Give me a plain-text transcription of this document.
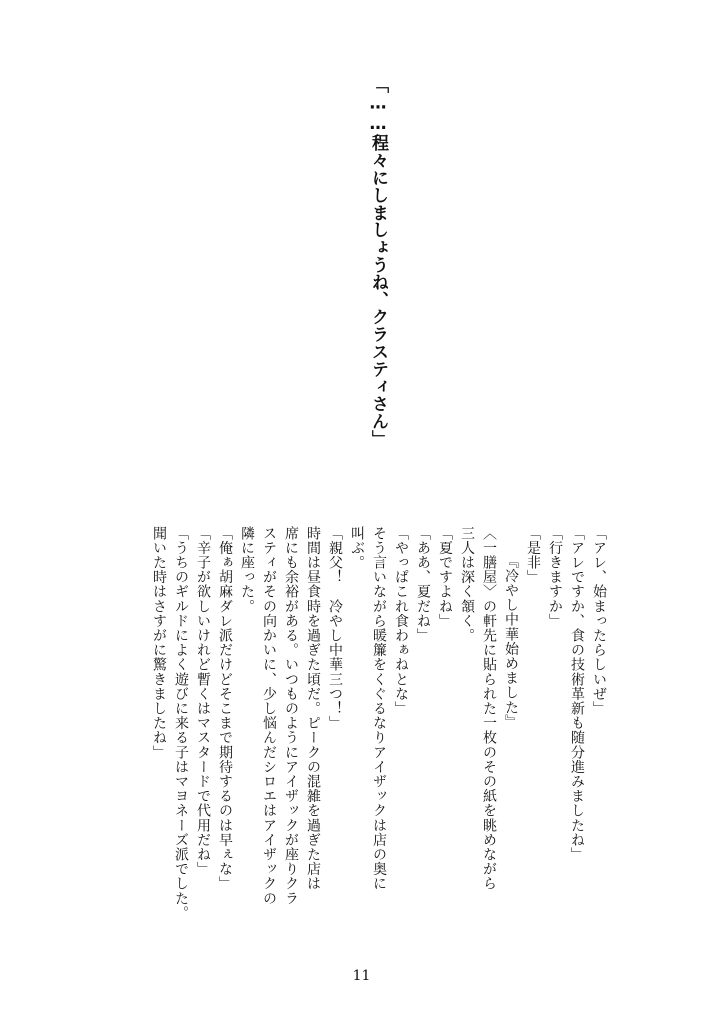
「……程々にしましょうね、クラスティさん」

「アレ、始まったらしいぜ」

「アレですか、食の技術革新も随分進みましたね」

「行きますか」

「是非」

『冷やし中華始めました』

〈一膳屋〉の軒先に貼られた一枚のその紙を眺めながら

三人は深く頷く。

「夏ですよね」

「ああ、夏だね」

「やっぱこれ食わぁねとな」

そう言いながら暖簾をくぐるなりアイザックは店の奥に

叫ぶ。

「親父！　冷やし中華三つ！」

時間は昼食時を過ぎた頃だ。ピークの混雑を過ぎた店は

席にも余裕がある。いつものようにアイザックが座りクラ

スティがその向かいに、少し悩んだシロエはアイザックの

隣に座った。

「俺ぁ胡麻ダレ派だけどそこまで期待するのは早ぇな」

「辛子が欲しいけれど暫くはマスタードで代用だね」

「うちのギルドによく遊びに来る子はマヨネーズ派でした。

聞いた時はさすがに驚きましたね」

11
